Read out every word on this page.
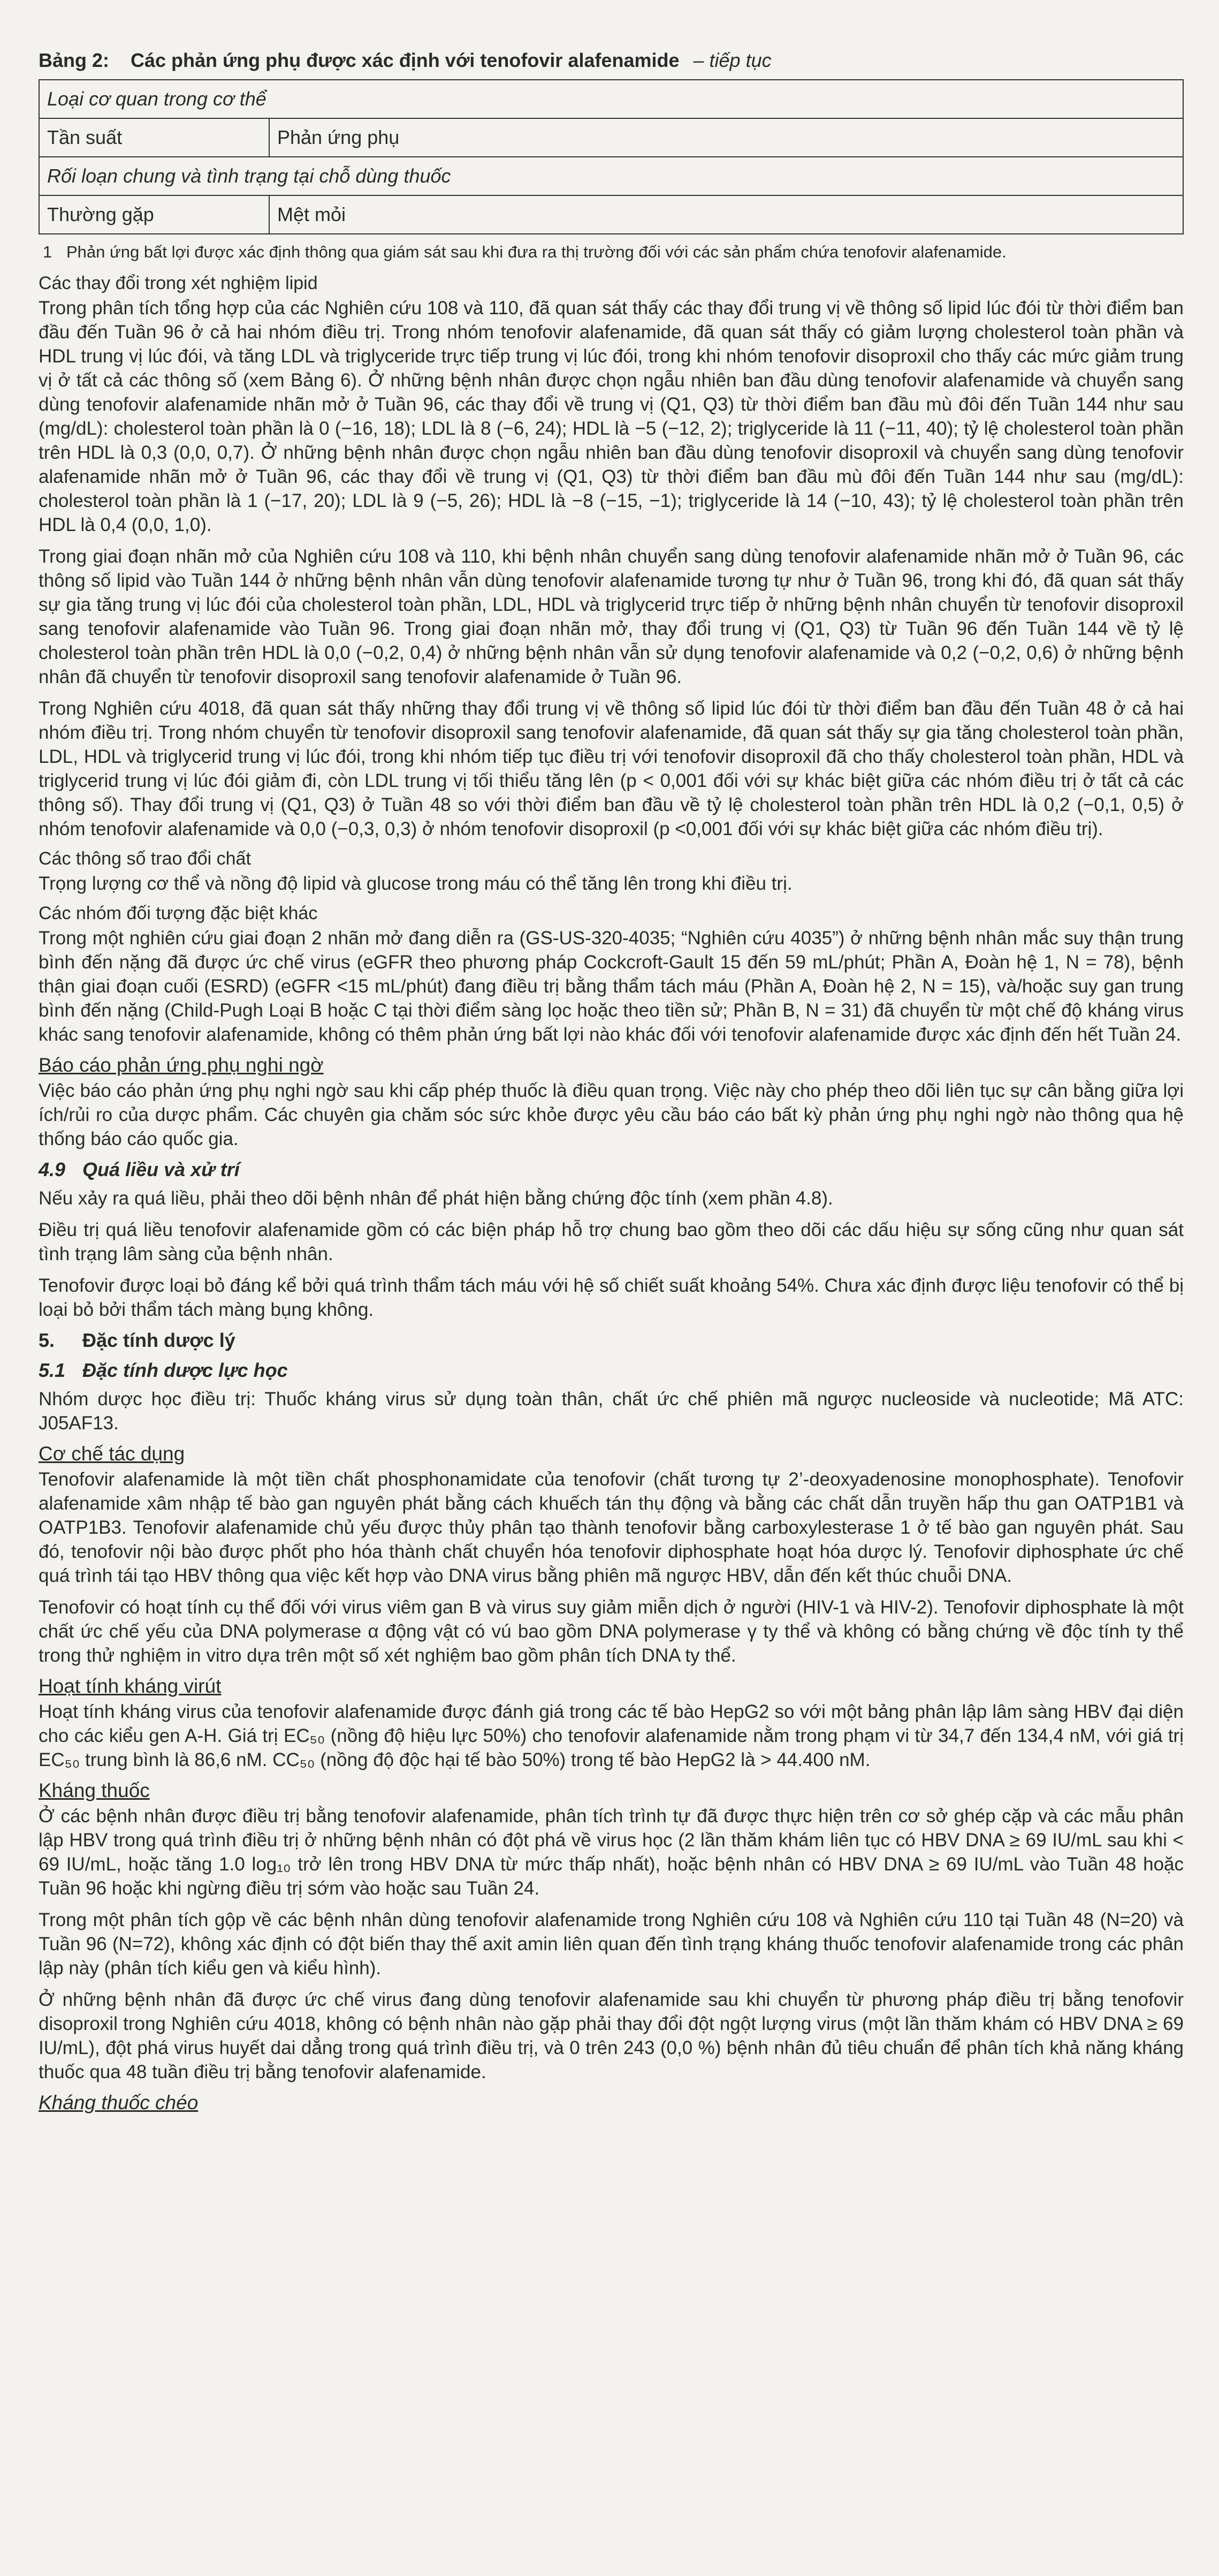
Bảng 2: Các phản ứng phụ được xác định với tenofovir alafenamide – tiếp tục
Loại cơ quan trong cơ thể	
Tần suất	Phản ứng phụ
Rối loạn chung và tình trạng tại chỗ dùng thuốc	
Thường gặp	Mệt mỏi
1 Phản ứng bất lợi được xác định thông qua giám sát sau khi đưa ra thị trường đối với các sản phẩm chứa tenofovir alafenamide.
Các thay đổi trong xét nghiệm lipid

Trong phân tích tổng hợp của các Nghiên cứu 108 và 110, đã quan sát thấy các thay đổi trung vị về thông số lipid lúc đói từ thời điểm ban đầu đến Tuần 96 ở cả hai nhóm điều trị. Trong nhóm tenofovir alafenamide, đã quan sát thấy có giảm lượng cholesterol toàn phần và HDL trung vị lúc đói, và tăng LDL và triglyceride trực tiếp trung vị lúc đói, trong khi nhóm tenofovir disoproxil cho thấy các mức giảm trung vị ở tất cả các thông số (xem Bảng 6). Ở những bệnh nhân được chọn ngẫu nhiên ban đầu dùng tenofovir alafenamide và chuyển sang dùng tenofovir alafenamide nhãn mở ở Tuần 96, các thay đổi về trung vị (Q1, Q3) từ thời điểm ban đầu mù đôi đến Tuần 144 như sau (mg/dL): cholesterol toàn phần là 0 (−16, 18); LDL là 8 (−6, 24); HDL là −5 (−12, 2); triglyceride là 11 (−11, 40); tỷ lệ cholesterol toàn phần trên HDL là 0,3 (0,0, 0,7). Ở những bệnh nhân được chọn ngẫu nhiên ban đầu dùng tenofovir disoproxil và chuyển sang dùng tenofovir alafenamide nhãn mở ở Tuần 96, các thay đổi về trung vị (Q1, Q3) từ thời điểm ban đầu mù đôi đến Tuần 144 như sau (mg/dL): cholesterol toàn phần là 1 (−17, 20); LDL là 9 (−5, 26); HDL là −8 (−15, −1); triglyceride là 14 (−10, 43); tỷ lệ cholesterol toàn phần trên HDL là 0,4 (0,0, 1,0).

Trong giai đoạn nhãn mở của Nghiên cứu 108 và 110, khi bệnh nhân chuyển sang dùng tenofovir alafenamide nhãn mở ở Tuần 96, các thông số lipid vào Tuần 144 ở những bệnh nhân vẫn dùng tenofovir alafenamide tương tự như ở Tuần 96, trong khi đó, đã quan sát thấy sự gia tăng trung vị lúc đói của cholesterol toàn phần, LDL, HDL và triglycerid trực tiếp ở những bệnh nhân chuyển từ tenofovir disoproxil sang tenofovir alafenamide vào Tuần 96. Trong giai đoạn nhãn mở, thay đổi trung vị (Q1, Q3) từ Tuần 96 đến Tuần 144 về tỷ lệ cholesterol toàn phần trên HDL là 0,0 (−0,2, 0,4) ở những bệnh nhân vẫn sử dụng tenofovir alafenamide và 0,2 (−0,2, 0,6) ở những bệnh nhân đã chuyển từ tenofovir disoproxil sang tenofovir alafenamide ở Tuần 96.

Trong Nghiên cứu 4018, đã quan sát thấy những thay đổi trung vị về thông số lipid lúc đói từ thời điểm ban đầu đến Tuần 48 ở cả hai nhóm điều trị. Trong nhóm chuyển từ tenofovir disoproxil sang tenofovir alafenamide, đã quan sát thấy sự gia tăng cholesterol toàn phần, LDL, HDL và triglycerid trung vị lúc đói, trong khi nhóm tiếp tục điều trị với tenofovir disoproxil đã cho thấy cholesterol toàn phần, HDL và triglycerid trung vị lúc đói giảm đi, còn LDL trung vị tối thiểu tăng lên (p < 0,001 đối với sự khác biệt giữa các nhóm điều trị ở tất cả các thông số). Thay đổi trung vị (Q1, Q3) ở Tuần 48 so với thời điểm ban đầu về tỷ lệ cholesterol toàn phần trên HDL là 0,2 (−0,1, 0,5) ở nhóm tenofovir alafenamide và 0,0 (−0,3, 0,3) ở nhóm tenofovir disoproxil (p <0,001 đối với sự khác biệt giữa các nhóm điều trị).

Các thông số trao đổi chất

Trọng lượng cơ thể và nồng độ lipid và glucose trong máu có thể tăng lên trong khi điều trị.

Các nhóm đối tượng đặc biệt khác

Trong một nghiên cứu giai đoạn 2 nhãn mở đang diễn ra (GS-US-320-4035; “Nghiên cứu 4035”) ở những bệnh nhân mắc suy thận trung bình đến nặng đã được ức chế virus (eGFR theo phương pháp Cockcroft-Gault 15 đến 59 mL/phút; Phần A, Đoàn hệ 1, N = 78), bệnh thận giai đoạn cuối (ESRD) (eGFR <15 mL/phút) đang điều trị bằng thẩm tách máu (Phần A, Đoàn hệ 2, N = 15), và/hoặc suy gan trung bình đến nặng (Child-Pugh Loại B hoặc C tại thời điểm sàng lọc hoặc theo tiền sử; Phần B, N = 31) đã chuyển từ một chế độ kháng virus khác sang tenofovir alafenamide, không có thêm phản ứng bất lợi nào khác đối với tenofovir alafenamide được xác định đến hết Tuần 24.

Báo cáo phản ứng phụ nghi ngờ

Việc báo cáo phản ứng phụ nghi ngờ sau khi cấp phép thuốc là điều quan trọng. Việc này cho phép theo dõi liên tục sự cân bằng giữa lợi ích/rủi ro của dược phẩm. Các chuyên gia chăm sóc sức khỏe được yêu cầu báo cáo bất kỳ phản ứng phụ nghi ngờ nào thông qua hệ thống báo cáo quốc gia.

4.9 Quá liều và xử trí

Nếu xảy ra quá liều, phải theo dõi bệnh nhân để phát hiện bằng chứng độc tính (xem phần 4.8).

Điều trị quá liều tenofovir alafenamide gồm có các biện pháp hỗ trợ chung bao gồm theo dõi các dấu hiệu sự sống cũng như quan sát tình trạng lâm sàng của bệnh nhân.

Tenofovir được loại bỏ đáng kể bởi quá trình thẩm tách máu với hệ số chiết suất khoảng 54%. Chưa xác định được liệu tenofovir có thể bị loại bỏ bởi thẩm tách màng bụng không.

5. Đặc tính dược lý
5.1 Đặc tính dược lực học

Nhóm dược học điều trị: Thuốc kháng virus sử dụng toàn thân, chất ức chế phiên mã ngược nucleoside và nucleotide; Mã ATC: J05AF13.

Cơ chế tác dụng

Tenofovir alafenamide là một tiền chất phosphonamidate của tenofovir (chất tương tự 2’-deoxyadenosine monophosphate). Tenofovir alafenamide xâm nhập tế bào gan nguyên phát bằng cách khuếch tán thụ động và bằng các chất dẫn truyền hấp thu gan OATP1B1 và OATP1B3. Tenofovir alafenamide chủ yếu được thủy phân tạo thành tenofovir bằng carboxylesterase 1 ở tế bào gan nguyên phát. Sau đó, tenofovir nội bào được phốt pho hóa thành chất chuyển hóa tenofovir diphosphate hoạt hóa dược lý. Tenofovir diphosphate ức chế quá trình tái tạo HBV thông qua việc kết hợp vào DNA virus bằng phiên mã ngược HBV, dẫn đến kết thúc chuỗi DNA.

Tenofovir có hoạt tính cụ thể đối với virus viêm gan B và virus suy giảm miễn dịch ở người (HIV-1 và HIV-2). Tenofovir diphosphate là một chất ức chế yếu của DNA polymerase α động vật có vú bao gồm DNA polymerase γ ty thể và không có bằng chứng về độc tính ty thể trong thử nghiệm in vitro dựa trên một số xét nghiệm bao gồm phân tích DNA ty thể.

Hoạt tính kháng virút

Hoạt tính kháng virus của tenofovir alafenamide được đánh giá trong các tế bào HepG2 so với một bảng phân lập lâm sàng HBV đại diện cho các kiểu gen A-H. Giá trị EC₅₀ (nồng độ hiệu lực 50%) cho tenofovir alafenamide nằm trong phạm vi từ 34,7 đến 134,4 nM, với giá trị EC₅₀ trung bình là 86,6 nM. CC₅₀ (nồng độ độc hại tế bào 50%) trong tế bào HepG2 là > 44.400 nM.

Kháng thuốc

Ở các bệnh nhân được điều trị bằng tenofovir alafenamide, phân tích trình tự đã được thực hiện trên cơ sở ghép cặp và các mẫu phân lập HBV trong quá trình điều trị ở những bệnh nhân có đột phá về virus học (2 lần thăm khám liên tục có HBV DNA ≥ 69 IU/mL sau khi < 69 IU/mL, hoặc tăng 1.0 log₁₀ trở lên trong HBV DNA từ mức thấp nhất), hoặc bệnh nhân có HBV DNA ≥ 69 IU/mL vào Tuần 48 hoặc Tuần 96 hoặc khi ngừng điều trị sớm vào hoặc sau Tuần 24.

Trong một phân tích gộp về các bệnh nhân dùng tenofovir alafenamide trong Nghiên cứu 108 và Nghiên cứu 110 tại Tuần 48 (N=20) và Tuần 96 (N=72), không xác định có đột biến thay thế axit amin liên quan đến tình trạng kháng thuốc tenofovir alafenamide trong các phân lập này (phân tích kiểu gen và kiểu hình).

Ở những bệnh nhân đã được ức chế virus đang dùng tenofovir alafenamide sau khi chuyển từ phương pháp điều trị bằng tenofovir disoproxil trong Nghiên cứu 4018, không có bệnh nhân nào gặp phải thay đổi đột ngột lượng virus (một lần thăm khám có HBV DNA ≥ 69 IU/mL), đột phá virus huyết dai dẳng trong quá trình điều trị, và 0 trên 243 (0,0 %) bệnh nhân đủ tiêu chuẩn để phân tích khả năng kháng thuốc qua 48 tuần điều trị bằng tenofovir alafenamide.

Kháng thuốc chéo
